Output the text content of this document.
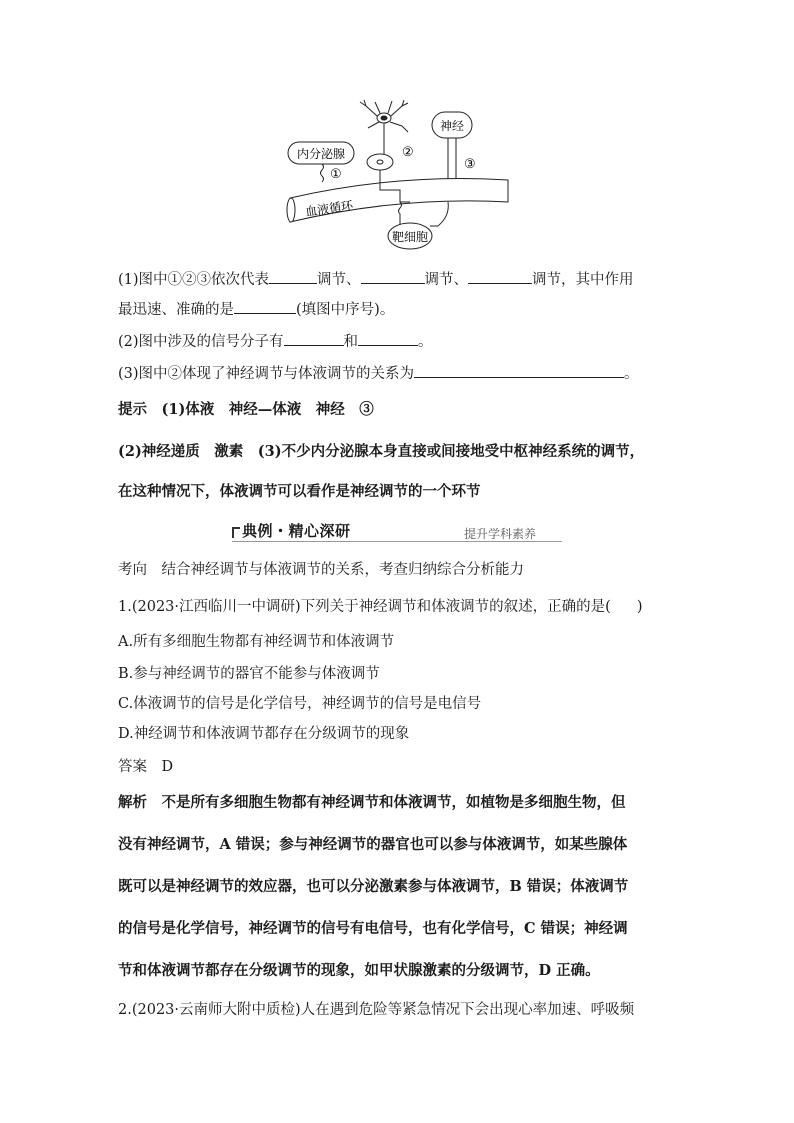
内分泌腺
神经
血液循环
靶细胞
①
②
③
(1)图中①②③依次代表	调节、	调节、	调节，其中作用
最迅速、准确的是	(填图中序号)。
(2)图中涉及的信号分子有	和	。
(3)图中②体现了神经调节与体液调节的关系为	。
提示　(1)体液　神经—体液　神经　③
(2)神经递质　激素　(3)不少内分泌腺本身直接或间接地受中枢神经系统的调节，
在这种情况下，体液调节可以看作是神经调节的一个环节
典例・精心深研	提升学科素养
考向　结合神经调节与体液调节的关系，考查归纳综合分析能力
1.(2023·江西临川一中调研)下列关于神经调节和体液调节的叙述，正确的是( )
A.所有多细胞生物都有神经调节和体液调节
B.参与神经调节的器官不能参与体液调节
C.体液调节的信号是化学信号，神经调节的信号是电信号
D.神经调节和体液调节都存在分级调节的现象
答案　D
解析　不是所有多细胞生物都有神经调节和体液调节，如植物是多细胞生物，但
没有神经调节，A 错误；参与神经调节的器官也可以参与体液调节，如某些腺体
既可以是神经调节的效应器，也可以分泌激素参与体液调节，B 错误；体液调节
的信号是化学信号，神经调节的信号有电信号，也有化学信号，C 错误；神经调
节和体液调节都存在分级调节的现象，如甲状腺激素的分级调节，D 正确。
2.(2023·云南师大附中质检)人在遇到危险等紧急情况下会出现心率加速、呼吸频
